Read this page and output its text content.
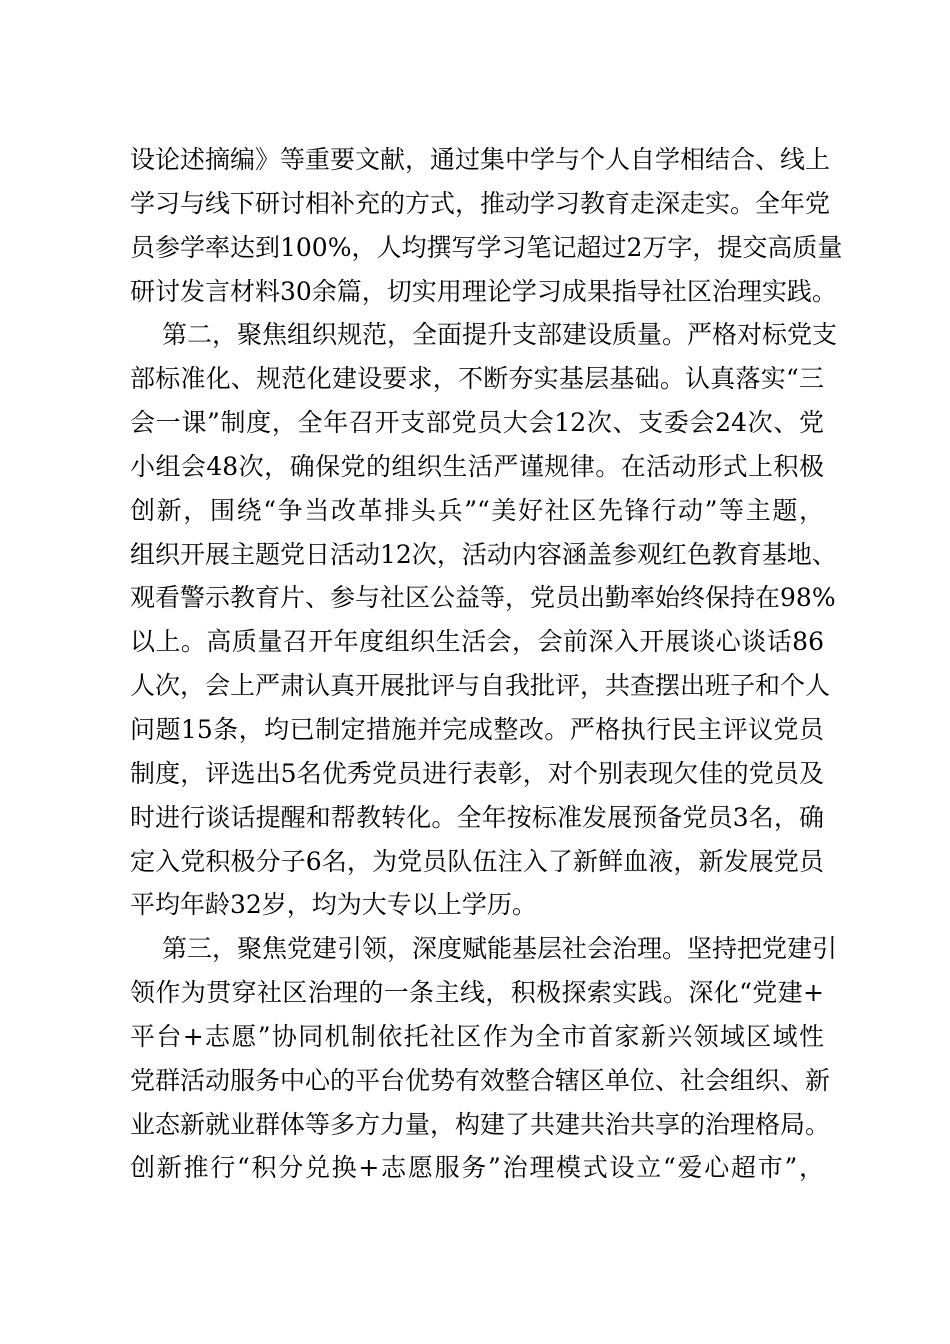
设论述摘编》等重要文献，通过集中学与个人自学相结合、线上
学习与线下研讨相补充的方式，推动学习教育走深走实。全年党
员参学率达到100%，人均撰写学习笔记超过2万字，提交高质量
研讨发言材料30余篇，切实用理论学习成果指导社区治理实践。
第二，聚焦组织规范，全面提升支部建设质量。严格对标党支
部标准化、规范化建设要求，不断夯实基层基础。认真落实“三
会一课”制度，全年召开支部党员大会12次、支委会24次、党
小组会48次，确保党的组织生活严谨规律。在活动形式上积极
创新，围绕“争当改革排头兵”“美好社区先锋行动”等主题，
组织开展主题党日活动12次，活动内容涵盖参观红色教育基地、
观看警示教育片、参与社区公益等，党员出勤率始终保持在98%
以上。高质量召开年度组织生活会，会前深入开展谈心谈话86
人次，会上严肃认真开展批评与自我批评，共查摆出班子和个人
问题15条，均已制定措施并完成整改。严格执行民主评议党员
制度，评选出5名优秀党员进行表彰，对个别表现欠佳的党员及
时进行谈话提醒和帮教转化。全年按标准发展预备党员3名，确
定入党积极分子6名，为党员队伍注入了新鲜血液，新发展党员
平均年龄32岁，均为大专以上学历。
第三，聚焦党建引领，深度赋能基层社会治理。坚持把党建引
领作为贯穿社区治理的一条主线，积极探索实践。深化“党建+
平台+志愿”协同机制依托社区作为全市首家新兴领域区域性
党群活动服务中心的平台优势有效整合辖区单位、社会组织、新
业态新就业群体等多方力量，构建了共建共治共享的治理格局。
创新推行“积分兑换+志愿服务”治理模式设立“爱心超市”，
